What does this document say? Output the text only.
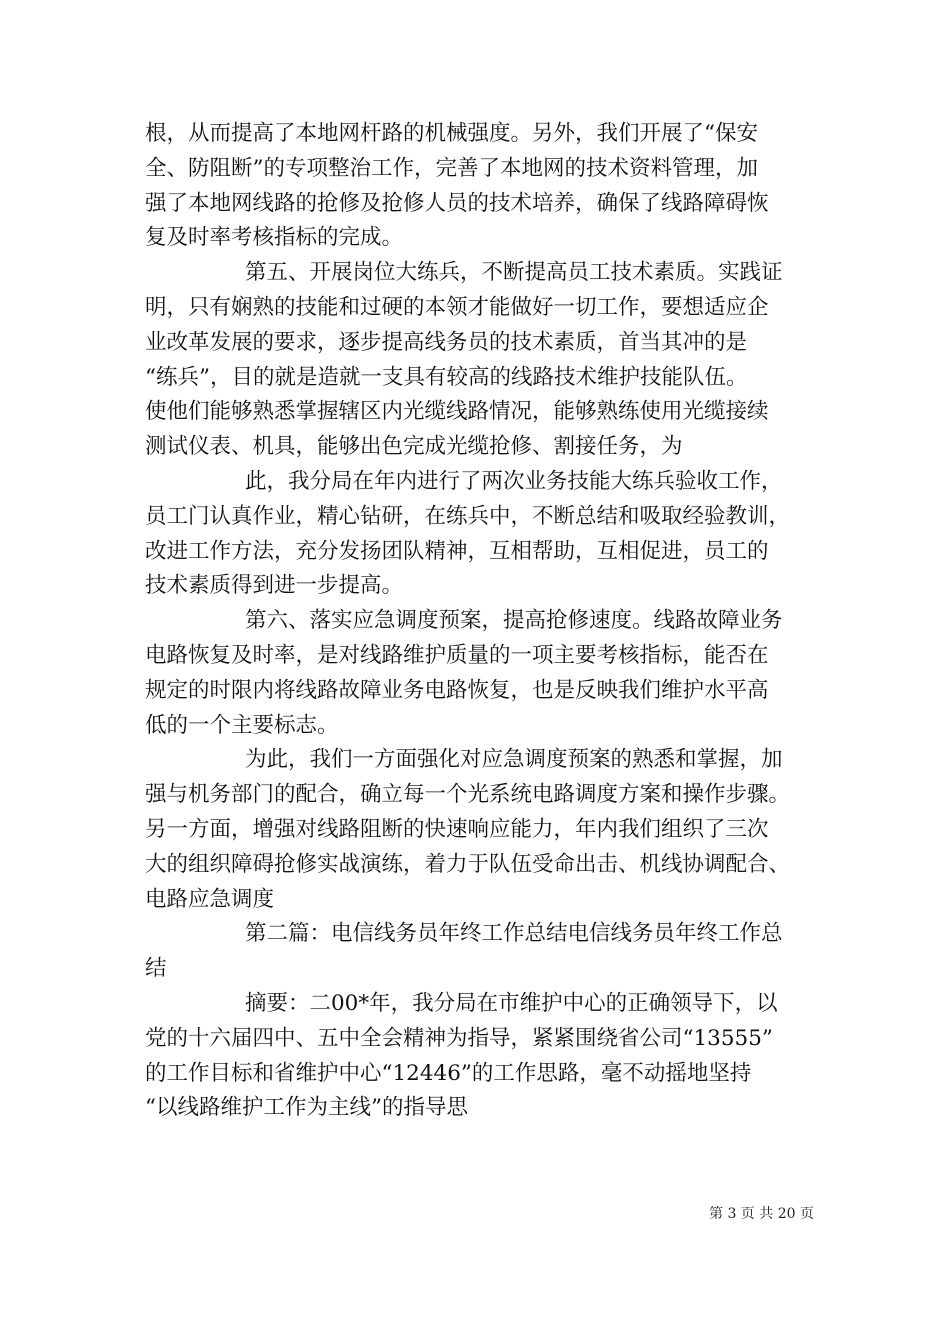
根，从而提高了本地网杆路的机械强度。另外，我们开展了“保安
全、防阻断”的专项整治工作，完善了本地网的技术资料管理，加
强了本地网线路的抢修及抢修人员的技术培养，确保了线路障碍恢
复及时率考核指标的完成。
第五、开展岗位大练兵，不断提高员工技术素质。实践证
明，只有娴熟的技能和过硬的本领才能做好一切工作，要想适应企
业改革发展的要求，逐步提高线务员的技术素质，首当其冲的是
“练兵”，目的就是造就一支具有较高的线路技术维护技能队伍。
使他们能够熟悉掌握辖区内光缆线路情况，能够熟练使用光缆接续
测试仪表、机具，能够出色完成光缆抢修、割接任务，为
此，我分局在年内进行了两次业务技能大练兵验收工作，
员工门认真作业，精心钻研，在练兵中，不断总结和吸取经验教训，
改进工作方法，充分发扬团队精神，互相帮助，互相促进，员工的
技术素质得到进一步提高。
第六、落实应急调度预案，提高抢修速度。线路故障业务
电路恢复及时率，是对线路维护质量的一项主要考核指标，能否在
规定的时限内将线路故障业务电路恢复，也是反映我们维护水平高
低的一个主要标志。
为此，我们一方面强化对应急调度预案的熟悉和掌握，加
强与机务部门的配合，确立每一个光系统电路调度方案和操作步骤。
另一方面，增强对线路阻断的快速响应能力，年内我们组织了三次
大的组织障碍抢修实战演练，着力于队伍受命出击、机线协调配合、
电路应急调度
第二篇：电信线务员年终工作总结电信线务员年终工作总
结
摘要：二00*年，我分局在市维护中心的正确领导下，以
党的十六届四中、五中全会精神为指导，紧紧围绕省公司“13555”
的工作目标和省维护中心“12446”的工作思路，毫不动摇地坚持
“以线路维护工作为主线”的指导思
第 3 页 共 20 页
